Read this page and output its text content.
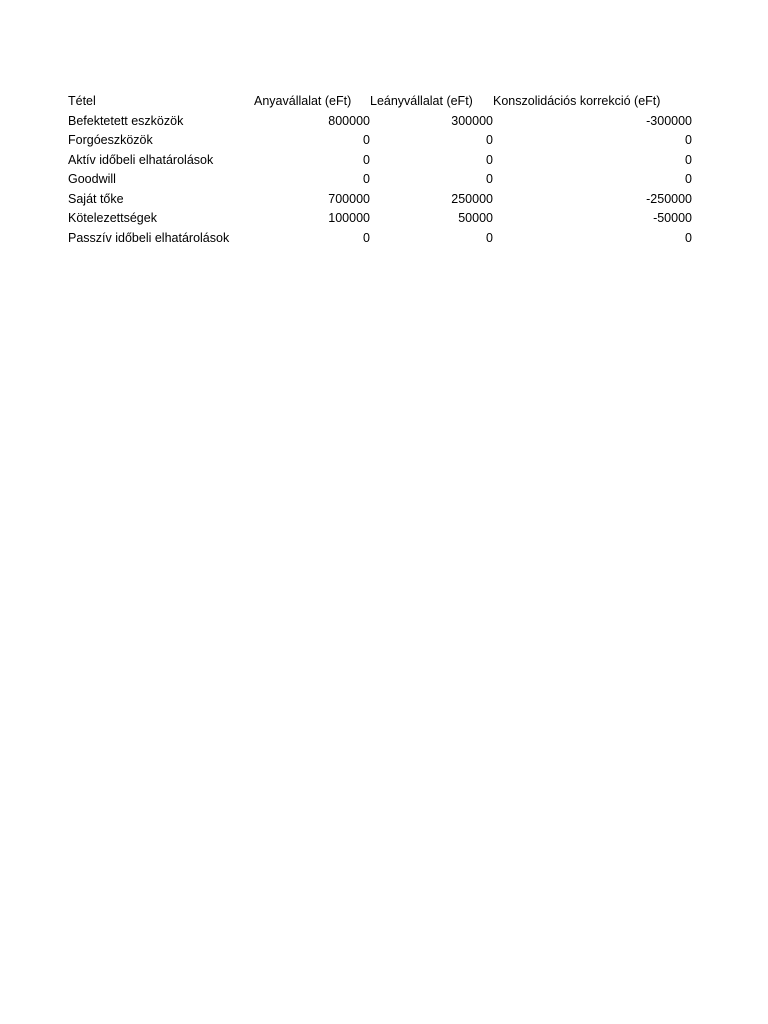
Tétel	Anyavállalat (eFt)	Leányvállalat (eFt)	Konszolidációs korrekció (eFt)
Befektetett eszközök	800000	300000	-300000
Forgóeszközök	0	0	0
Aktív időbeli elhatárolások	0	0	0
Goodwill	0	0	0
Saját tőke	700000	250000	-250000
Kötelezettségek	100000	50000	-50000
Passzív időbeli elhatárolások	0	0	0
